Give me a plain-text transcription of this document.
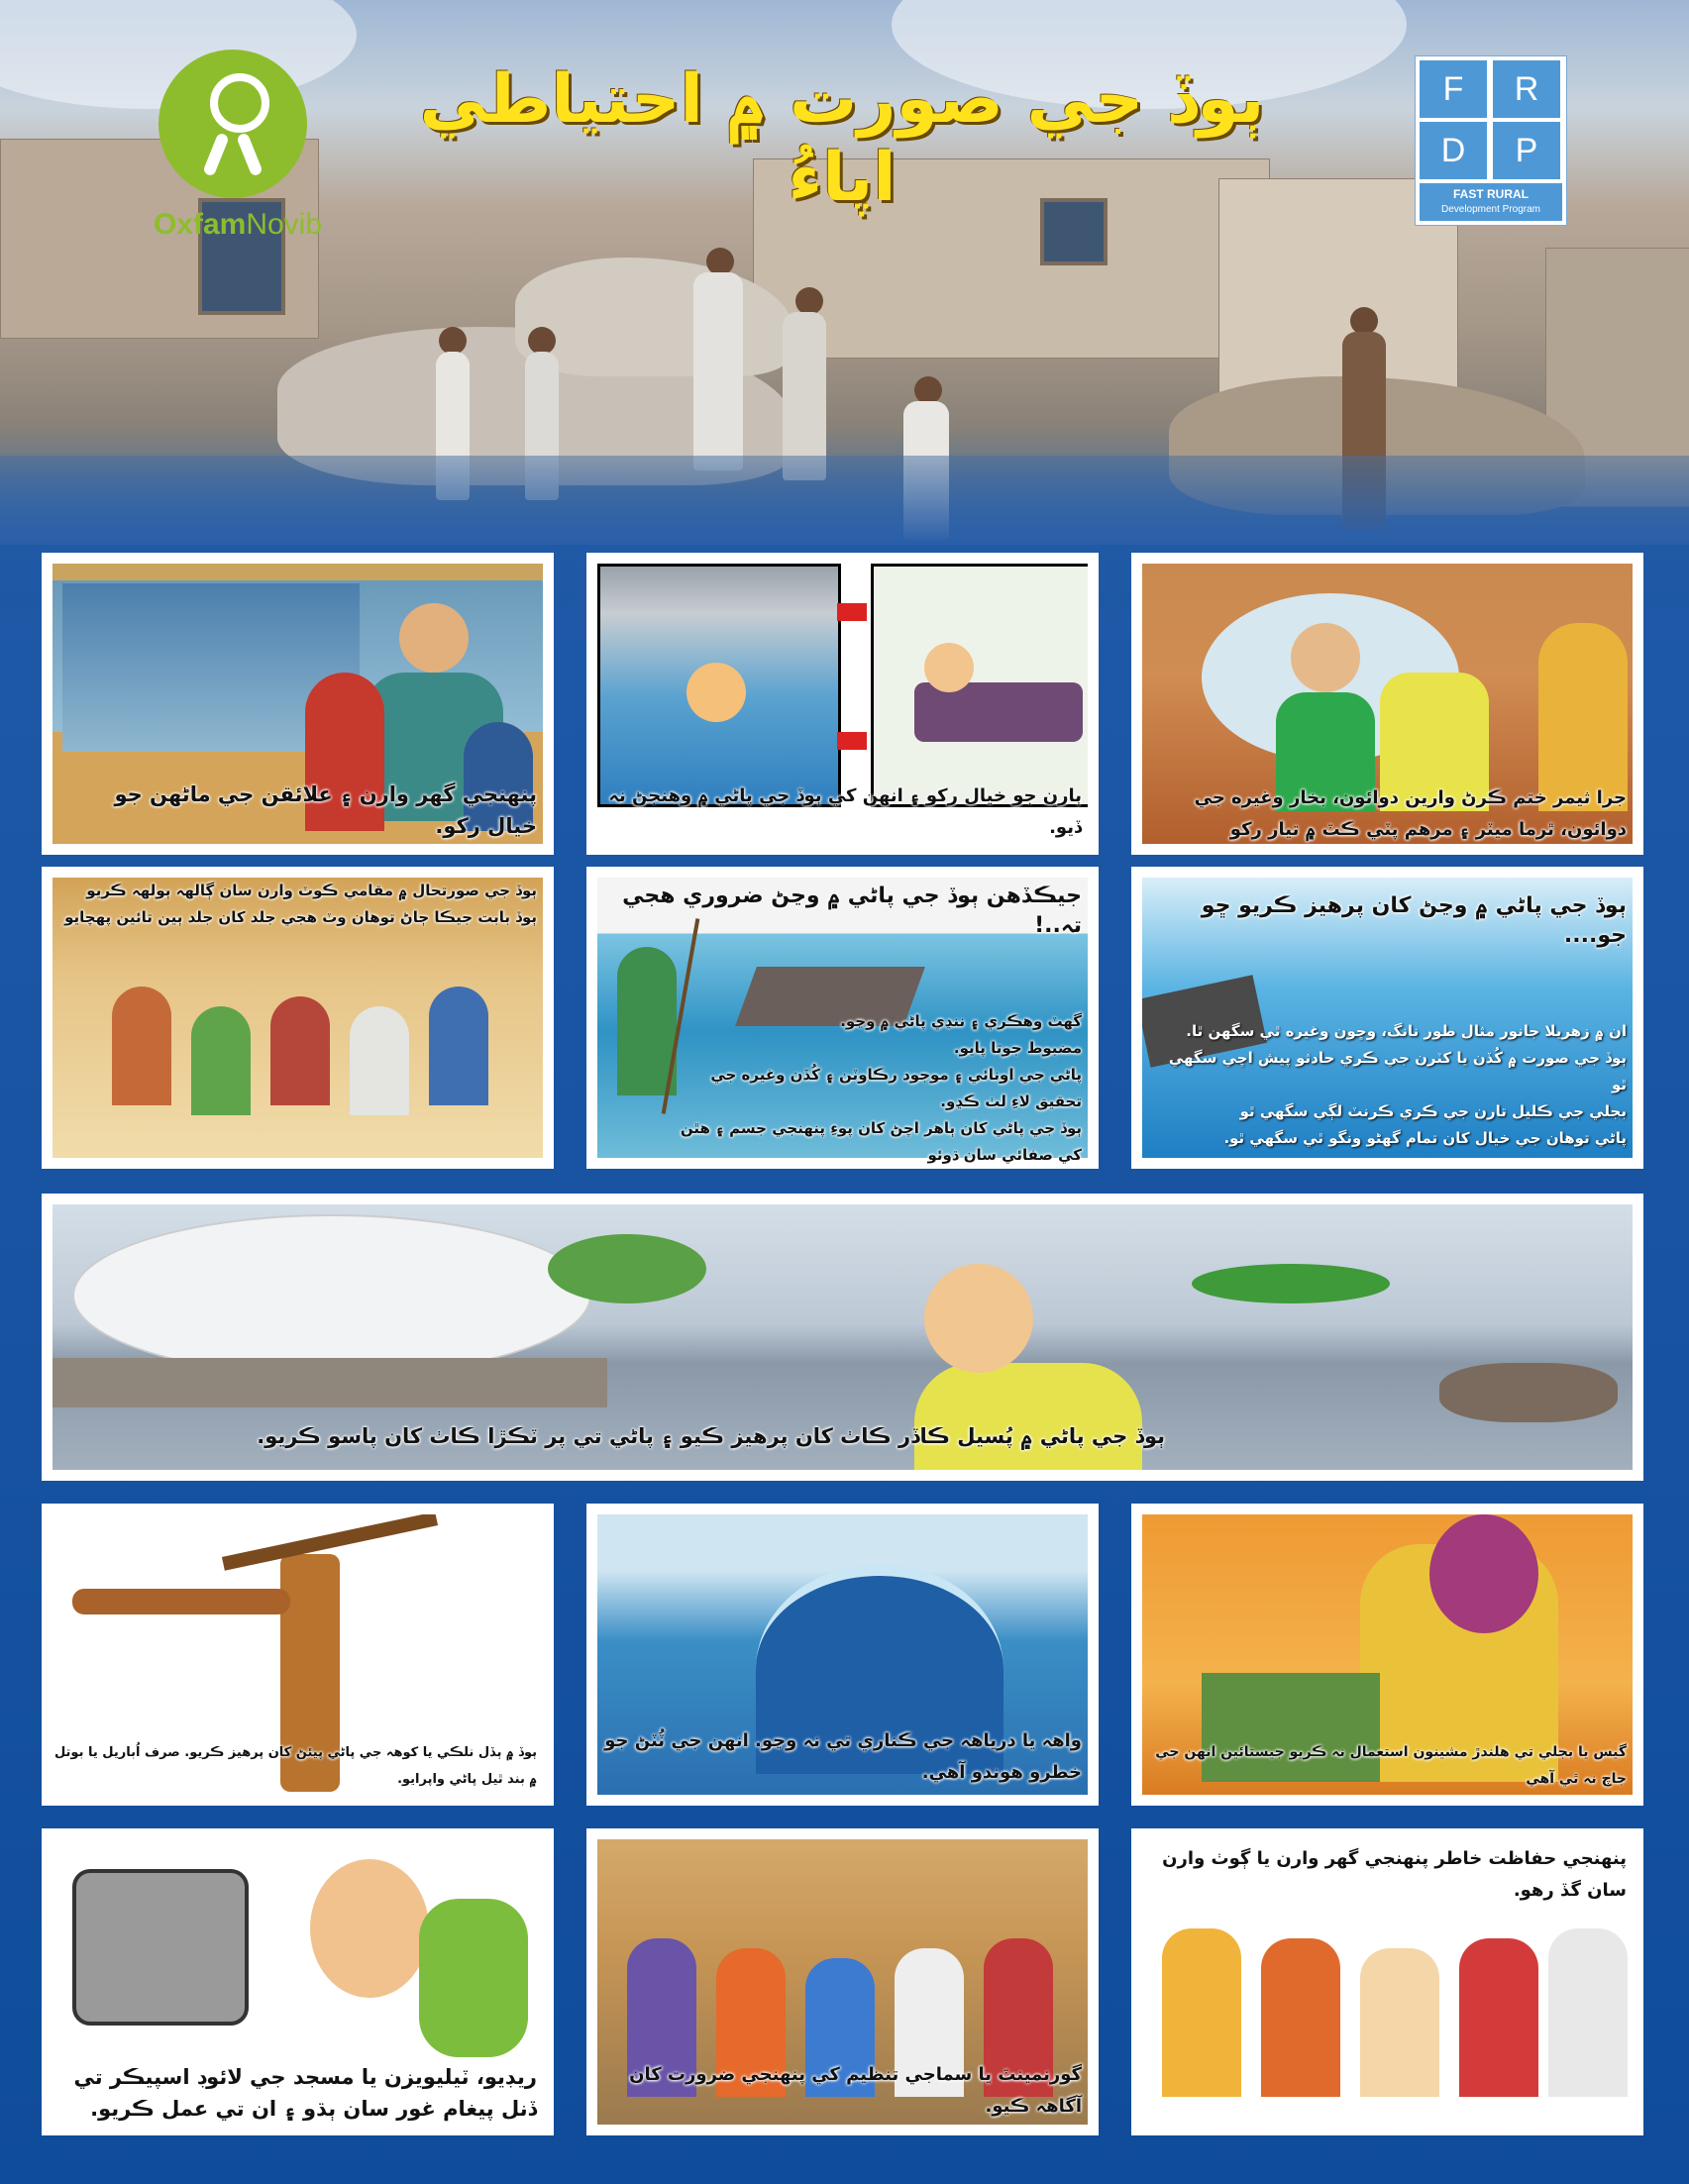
OxfamNovib
ٻوڏ جي صورت ۾ احتياطي اپاءُ
F	R
D	P
FAST RURAL
Development Program
پنهنجي گهر وارن ۽ علائقن جي ماڻهن جو خيال رکو.
ٻارن جو خيال رکو ۽ انهن کي ٻوڏ جي پاڻي ۾ وهنجڻ نہ ڏيو.
جرا ثيمر ختم ڪرڻ وارين دوائون، بخار وغيره جي
دوائون، ٿرما ميٽر ۽ مرهم پٽي ڪٽ ۾ تيار رکو
ٻوڏ جي صورتحال ۾ مقامي ڪوٽ وارن سان ڳالهہ ٻولهہ ڪريو
ٻوڏ بابت جيڪا ڄاڻ توهان وٽ هجي جلد کان جلد ٻين تائين پهچايو
جيڪڏهن ٻوڏ جي پاڻي ۾ وڃڻ ضروري هجي تہ..!
گهٽ وهڪري ۽ ننڍي پاڻي ۾ وڃو.
مضبوط جوتا پايو.
پاڻي جي اونائي ۽ موجود رڪاوٽن ۽ کُڏن وغيره جي تحقيق لاءِ لٺ ڪڍو.
ٻوڏ جي پاڻي کان ٻاهر اچڻ کان پوءِ پنهنجي جسم ۽ هٿن کي صفائي سان ڌوئو
ٻوڏ جي پاڻي ۾ وڃڻ کان پرهيز ڪريو ڇو جو....
ان ۾ زهريلا جانور مثال طور نانگ، وڇون وغيره ٿي سگهن ٿا.
ٻوڏ جي صورت ۾ کُڏن يا کٽرن جي ڪري حادثو پيش اچي سگهي ٿو
بجلي جي ڪليل تارن جي ڪري ڪرنٽ لڳي سگهي ٿو
پاڻي توهان جي خيال کان تمام گهڻو ونگو ٿي سگهي ٿو.
ٻوڏ جي پاڻي ۾ پُسيل ڪاڏر ڪاٺ کان پرهيز ڪيو ۽ پاڻي تي پر ٽڪڙا ڪاٺ کان پاسو ڪريو.
ٻوڏ ۾ ٻڏل نلڪي يا کوهہ جي پاڻي پيئڻ کان پرهيز ڪريو. صرف اُباريل يا بوتل ۾ بند ٿيل پاڻي واپرايو.
واهہ يا درياهہ جي ڪناري تي نہ وڃو. انهن جي ٽُٽڻ جو خطرو هوندو آهي.
گيس يا بجلي تي هلندڙ مشينون استعمال نہ ڪريو جيستائين انهن جي جاچ نہ ٿي آهي
ريڊيو، ٽيليويزن يا مسجد جي لائوڊ اسپيڪر تي
ڏنل پيغام غور سان ٻڌو ۽ ان تي عمل ڪريو.
گورنمينٽ يا سماجي تنظيم کي پنهنجي ضرورت کان آگاهہ ڪيو.
پنهنجي حفاظت خاطر پنهنجي گهر وارن يا ڳوٺ وارن سان گڏ رهو.
